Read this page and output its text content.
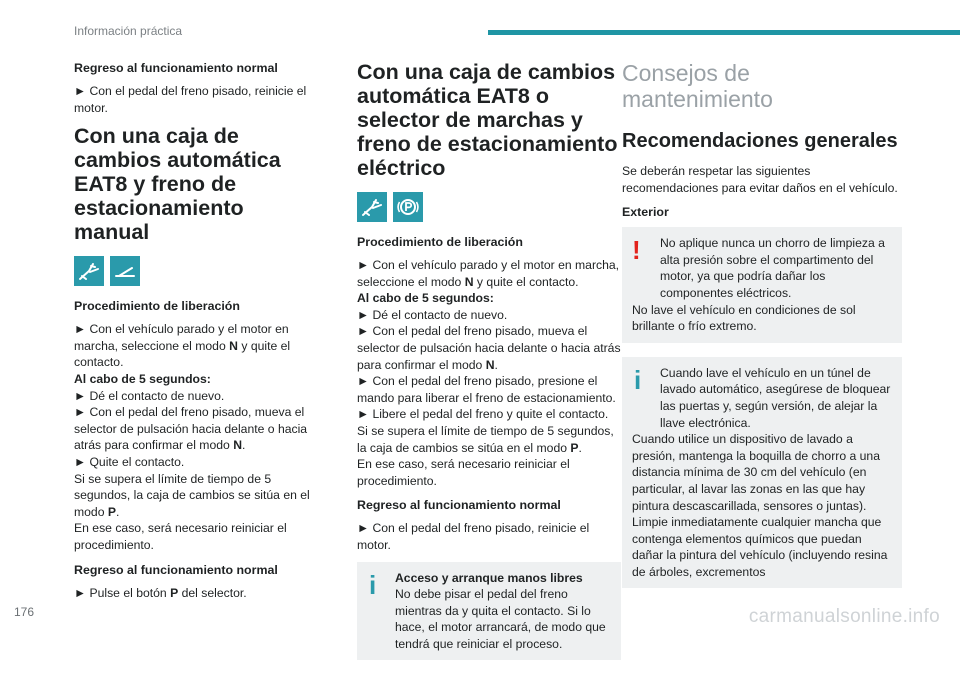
Información práctica
Regreso al funcionamiento normal
► Con el pedal del freno pisado, reinicie el motor.
Con una caja de cambios automática EAT8 y freno de estacionamiento manual
Procedimiento de liberación
► Con el vehículo parado y el motor en marcha, seleccione el modo N y quite el contacto.
Al cabo de 5 segundos:
► Dé el contacto de nuevo.
► Con el pedal del freno pisado, mueva el selector de pulsación hacia delante o hacia atrás para confirmar el modo N.
► Quite el contacto.
Si se supera el límite de tiempo de 5 segundos, la caja de cambios se sitúa en el modo P.
En ese caso, será necesario reiniciar el procedimiento.
Regreso al funcionamiento normal
► Pulse el botón P del selector.
Con una caja de cambios automática EAT8 o selector de marchas y freno de estacionamiento eléctrico
Procedimiento de liberación
► Con el vehículo parado y el motor en marcha, seleccione el modo N y quite el contacto.
Al cabo de 5 segundos:
► Dé el contacto de nuevo.
► Con el pedal del freno pisado, mueva el selector de pulsación hacia delante o hacia atrás para confirmar el modo N.
► Con el pedal del freno pisado, presione el mando para liberar el freno de estacionamiento.
► Libere el pedal del freno y quite el contacto.
Si se supera el límite de tiempo de 5 segundos, la caja de cambios se sitúa en el modo P.
En ese caso, será necesario reiniciar el procedimiento.
Regreso al funcionamiento normal
► Con el pedal del freno pisado, reinicie el motor.
i	Acceso y arranque manos libres
No debe pisar el pedal del freno mientras da y quita el contacto. Si lo hace, el motor arrancará, de modo que tendrá que reiniciar el proceso.
Consejos de mantenimiento
Recomendaciones generales
Se deberán respetar las siguientes recomendaciones para evitar daños en el vehículo.
Exterior
!	No aplique nunca un chorro de limpieza a alta presión sobre el compartimento del motor, ya que podría dañar los componentes eléctricos.
No lave el vehículo en condiciones de sol brillante o frío extremo.
i	Cuando lave el vehículo en un túnel de lavado automático, asegúrese de bloquear las puertas y, según versión, de alejar la llave electrónica.
Cuando utilice un dispositivo de lavado a presión, mantenga la boquilla de chorro a una distancia mínima de 30 cm del vehículo (en particular, al lavar las zonas en las que hay pintura descascarillada, sensores o juntas).
Limpie inmediatamente cualquier mancha que contenga elementos químicos que puedan dañar la pintura del vehículo (incluyendo resina de árboles, excrementos
176	carmanualsonline.info
